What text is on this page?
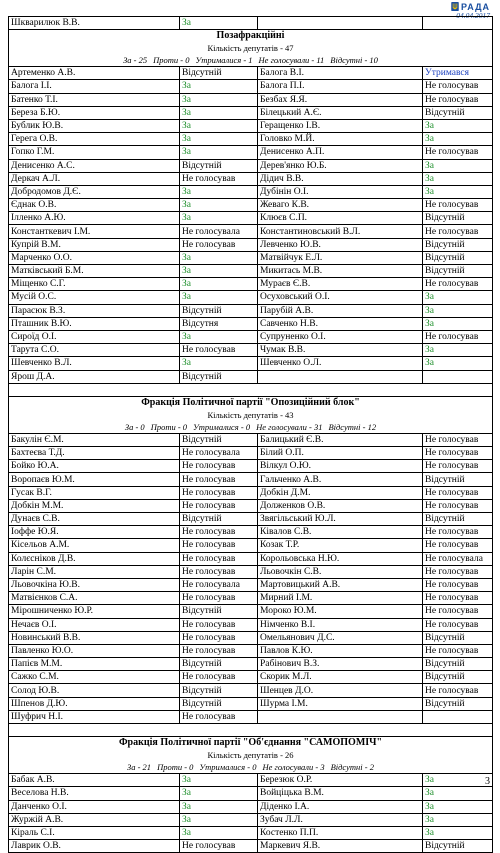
РАДА
04.04.2017
Шкварилюк В.В.	За		

Позафракційні
Кількість депутатів - 47
За - 25 Проти - 0 Утрималися - 1 Не голосували - 11 Відсутні - 10			

Артеменко А.В.	Відсутній	Балога В.І.	Утримався
Балога І.І.	За	Балога П.І.	Не голосував
Батенко Т.І.	За	Безбах Я.Я.	Не голосував
Береза Б.Ю.	За	Білецький А.Є.	Відсутній
Бублик Ю.В.	За	Геращенко І.В.	За
Герега О.В.	За	Головко М.Й.	За
Гопко Г.М.	За	Денисенко А.П.	Не голосував
Денисенко А.С.	Відсутній	Дерев'янко Ю.Б.	За
Деркач А.Л.	Не голосував	Дідич В.В.	За
Добродомов Д.Є.	За	Дубінін О.І.	За
Єднак О.В.	За	Жеваго К.В.	Не голосував
Ілленко А.Ю.	За	Клюєв С.П.	Відсутній
Константкевич І.М.	Не голосувала	Константиновський В.Л.	Не голосував
Купрій В.М.	Не голосував	Левченко Ю.В.	Відсутній
Марченко О.О.	За	Матвійчук Е.Л.	Відсутній
Матківський Б.М.	За	Микитась М.В.	Відсутній
Міщенко С.Г.	За	Мураєв Є.В.	Не голосував
Мусій О.С.	За	Осуховський О.І.	За
Парасюк В.З.	Відсутній	Парубій А.В.	За
Пташник В.Ю.	Відсутня	Савченко Н.В.	За
Сироїд О.І.	За	Супруненко О.І.	Не голосував
Тарута С.О.	Не голосував	Чумак В.В.	За
Шевченко В.Л.	За	Шевченко О.Л.	За
Ярош Д.А.	Відсутній		

Фракція Політичної партії "Опозиційний блок"
Кількість депутатів - 43
За - 0 Проти - 0 Утрималися - 0 Не голосували - 31 Відсутні - 12			

Бакулін Є.М.	Відсутній	Балицький Є.В.	Не голосував
Бахтеєва Т.Д.	Не голосувала	Білий О.П.	Не голосував
Бойко Ю.А.	Не голосував	Вілкул О.Ю.	Не голосував
Воропаєв Ю.М.	Не голосував	Гальченко А.В.	Відсутній
Гусак В.Г.	Не голосував	Добкін Д.М.	Не голосував
Добкін М.М.	Не голосував	Долженков О.В.	Не голосував
Дунаєв С.В.	Відсутній	Звягільський Ю.Л.	Відсутній
Іоффе Ю.Я.	Не голосував	Ківалов С.В.	Не голосував
Кісельов А.М.	Не голосував	Козак Т.Р.	Не голосував
Колєсніков Д.В.	Не голосував	Корольовська Н.Ю.	Не голосувала
Ларін С.М.	Не голосував	Льовочкін С.В.	Не голосував
Льовочкіна Ю.В.	Не голосувала	Мартовицький А.В.	Не голосував
Матвієнков С.А.	Не голосував	Мирний І.М.	Не голосував
Мірошниченко Ю.Р.	Відсутній	Мороко Ю.М.	Не голосував
Нечаєв О.І.	Не голосував	Німченко В.І.	Не голосував
Новинський В.В.	Не голосував	Омельянович Д.С.	Відсутній
Павленко Ю.О.	Не голосував	Павлов К.Ю.	Не голосував
Папієв М.М.	Відсутній	Рабінович В.З.	Відсутній
Сажко С.М.	Не голосував	Скорик М.Л.	Відсутній
Солод Ю.В.	Відсутній	Шенцев Д.О.	Не голосував
Шпенов Д.Ю.	Відсутній	Шурма І.М.	Відсутній
Шуфрич Н.І.	Не голосував		

Фракція Політичної партії "Об'єднання "САМОПОМІЧ"
Кількість депутатів - 26
За - 21 Проти - 0 Утрималися - 0 Не голосували - 3 Відсутні - 2			

Бабак А.В.	За	Березюк О.Р.	За
Веселова Н.В.	За	Войціцька В.М.	За
Данченко О.І.	За	Діденко І.А.	За
Журжій А.В.	За	Зубач Л.Л.	За
Кіраль С.І.	За	Костенко П.П.	За
Лаврик О.В.	Не голосував	Маркевич Я.В.	Відсутній
3
